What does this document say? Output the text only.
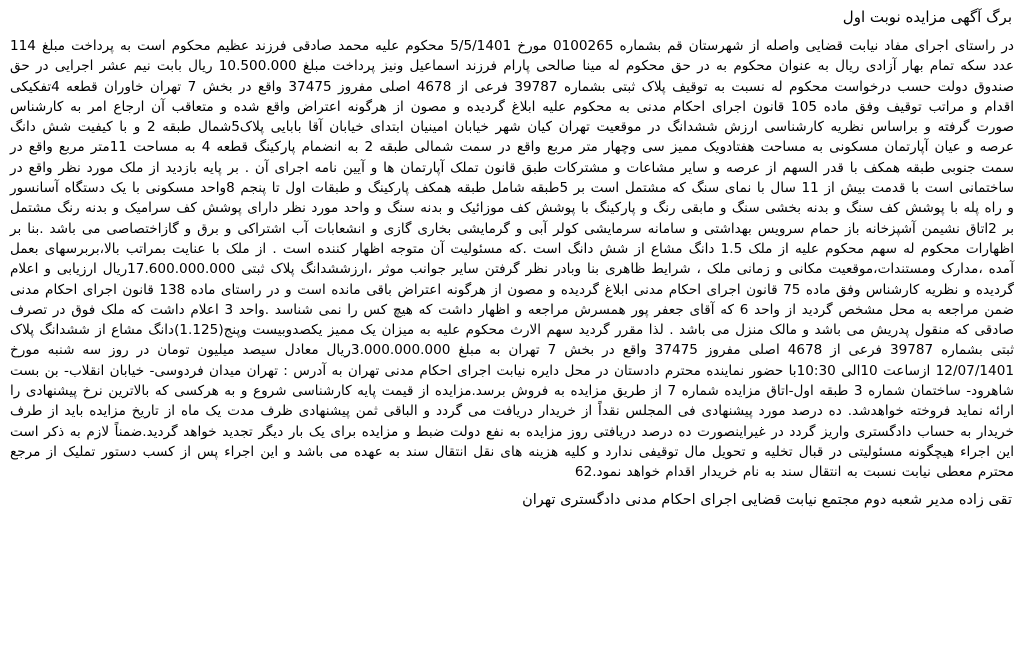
برگ آگهی مزایده نوبت اول

در راستای اجرای مفاد نیابت قضایی واصله از شهرستان قم بشماره 0100265 مورخ 5/5/1401 محکوم علیه محمد صادقی فرزند عظیم محکوم است به پرداخت مبلغ 114 عدد سکه تمام بهار آزادی ریال به عنوان محکوم به در حق محکوم له مینا صالحی پارام فرزند اسماعیل ونیز پرداخت مبلغ 10.500.000 ریال بابت نیم عشر اجرایی در حق صندوق دولت حسب درخواست محکوم له نسبت به توقیف پلاک ثبتی بشماره 39787 فرعی از 4678 اصلی مفروز 37475 واقع در بخش 7 تهران خاوران قطعه 4تفکیکی اقدام و مراتب توقیف وفق ماده 105 قانون اجرای احکام مدنی به محکوم علیه ابلاغ گردیده و مصون از هرگونه اعتراض واقع شده و متعاقب آن ارجاع امر به کارشناس صورت گرفته و براساس نظریه کارشناسی ارزش ششدانگ در موقعیت تهران کیان شهر خیابان امینیان ابتدای خیابان آقا بابایی پلاک5شمال طبقه 2 و با کیفیت شش دانگ عرصه و عیان آپارتمان مسکونی به مساحت هفتادویک ممیز سی وچهار متر مربع واقع در سمت شمالی طبقه 2 به انضمام پارکینگ قطعه 4 به مساحت 11متر مربع واقع در سمت جنوبی طبقه همکف با قدر السهم از عرصه و سایر مشاعات و مشترکات طبق قانون تملک آپارتمان ها و آیین نامه اجرای آن . بر پایه بازدید از ملک مورد نظر واقع در ساختمانی است با قدمت بیش از 11 سال با نمای سنگ که مشتمل است بر 5طبقه شامل طبقه همکف پارکینگ و طبقات اول تا پنجم 8واحد مسکونی با یک دستگاه آسانسور و راه پله با پوشش کف سنگ و بدنه بخشی سنگ و مابقی رنگ و پارکینگ با پوشش کف موزائیک و بدنه سنگ و واحد مورد نظر دارای پوشش کف سرامیک و بدنه رنگ مشتمل بر 2اتاق نشیمن آشپزخانه باز حمام سرویس بهداشتی و سامانه سرمایشی کولر آبی و گرمایشی بخاری گازی و انشعابات آب اشتراکی و برق و گازاختصاصی می باشد .بنا بر اظهارات محکوم له سهم محکوم علیه از ملک 1.5 دانگ مشاع از شش دانگ است .که مسئولیت آن متوجه اظهار کننده است . از ملک با عنایت بمراتب بالا،بربرسهای بعمل آمده ،مدارک ومستندات،موقعیت مکانی و زمانی ملک ، شرایط ظاهری بنا وبادر نظر گرفتن سایر جوانب موثر ،ارزششدانگ پلاک ثبتی 17.600.000.000ریال ارزیابی و اعلام گردیده و نظریه کارشناس وفق ماده 75 قانون اجرای احکام مدنی ابلاغ گردیده و مصون از هرگونه اعتراض باقی مانده است و در راستای ماده 138 قانون اجرای احکام مدنی ضمن مراجعه به محل مشخص گردید از واحد 6 که آقای جعفر پور همسرش مراجعه و اظهار داشت که هیچ کس را نمی شناسد .واحد 3 اعلام داشت که ملک فوق در تصرف صادقی که منقول پدریش می باشد و مالک منزل می باشد . لذا مقرر گردید سهم الارث محکوم علیه به میزان یک ممیز یکصدوبیست وپنج(1.125)دانگ مشاع از ششدانگ پلاک ثبتی بشماره 39787 فرعی از 4678 اصلی مفروز 37475 واقع در بخش 7 تهران به مبلغ 3.000.000.000ریال معادل سیصد میلیون تومان در روز سه شنبه مورخ 12/07/1401 ازساعت 10الی 10:30با حضور نماینده محترم دادستان در محل دایره نیابت اجرای احکام مدنی تهران به آدرس : تهران میدان فردوسی- خیابان انقلاب- بن بست شاهرود- ساختمان شماره 3 طبقه اول-اتاق مزایده شماره 7 از طریق مزایده به فروش برسد.مزایده از قیمت پایه کارشناسی شروع و به هرکسی که بالاترین نرخ پیشنهادی را ارائه نماید فروخته خواهدشد. ده درصد مورد پیشنهادی فی المجلس نقداً از خریدار دریافت می گردد و الباقی ثمن پیشنهادی ظرف مدت یک ماه از تاریخ مزایده باید از طرف خریدار به حساب دادگستری واریز گردد در غیراینصورت ده درصد دریافتی روز مزایده به نفع دولت ضبط و مزایده برای یک بار دیگر تجدید خواهد گردید.ضمناً لازم به ذکر است این اجراء هیچگونه مسئولیتی در قبال تخلیه و تحویل مال توقیفی ندارد و کلیه هزینه های نقل انتقال سند به عهده می باشد و این اجراء پس از کسب دستور تملیک از مرجع محترم معطی نیابت نسبت به انتقال سند به نام خریدار اقدام خواهد نمود.62

تقی زاده مدیر شعبه دوم مجتمع نیابت قضایی اجرای احکام مدنی دادگستری تهران
